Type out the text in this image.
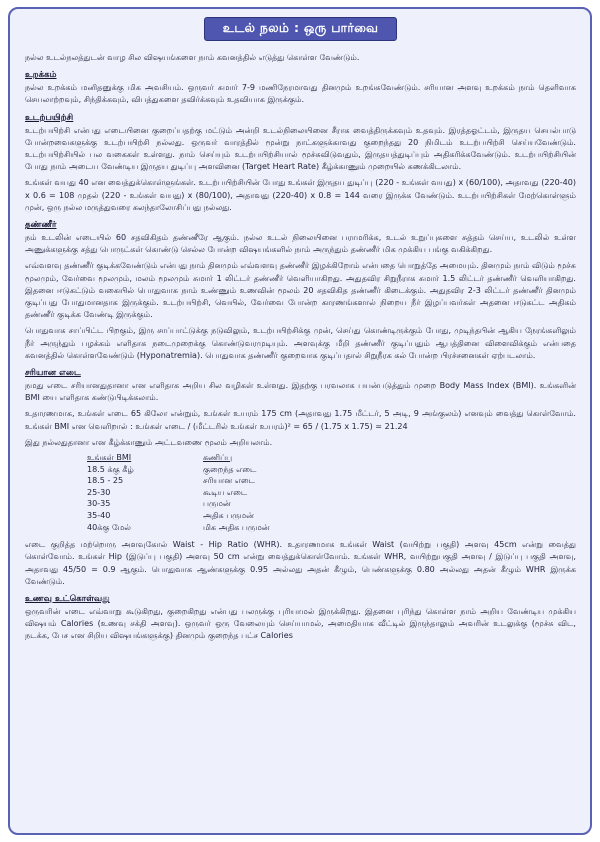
உடல் நலம் : ஒரு பார்வை

நல்ல உடல்நலத்துடன் வாழ சில விஷயங்களை நாம் கவனத்தில் எடுத்து கொள்ள வேண்டும்.

உறக்கம்

நல்ல உறக்கம் மனிதனுக்கு மிக அவசியம். ஒருவர் சுமார் 7-9 மணிநேரமாவது தினமும் உறங்கவேண்டும். சரியான அளவு உறக்கம் நாம் தெளிவாக செயலாற்றவும், சிந்திக்கவும், விபத்துகளை தவிர்க்கவும் உதவியாக இருக்கும்.

உடற்பயிற்சி

உடற்பயிற்சி என்பது எடையினை குறைப்பதற்கு மட்டும் அன்றி உடல்நிலையினை சீராக வைத்திருக்கவும் உதவும். இரத்தஓட்டம், இருதய செயல்பாடு போன்றவைகளுக்கு உடற்பயிற்சி நல்லது. ஒருவர் வாரத்தில் மூன்று நாட்களுக்காவது குறைந்தது 20 நிமிடம் உடற்பயிற்சி செய்யவேண்டும். உடற்பயிற்சியில் பல வகைகள் உள்ளது. நாம் செய்யும் உடற்பயிற்சியால் மூச்சுவிடுவதும், இருதயத்துடிப்பும் அதிகரிக்கவேண்டும். உடற்பயிற்சியின் போது நாம் அடைய வேண்டிய இருதய துடிப்பு அளவினை (Target Heart Rate) கீழ்க்காணும் முறையில் கணக்கிடலாம்.

உங்கள் வயது 40 என வைத்துக்கொள்ளுங்கள். உடற்பயிற்சியின் போது உங்கள் இருதய துடிப்பு (220 - உங்கள் வயது) x (60/100), அதாவது (220-40) x 0.6 = 108 முதல் (220 - உங்கள் வயது) x (80/100), அதாவது (220-40) x 0.8 = 144 வரை இருக்க வேண்டும். உடற்பயிற்சிகள் மேற்கொள்ளும் முன், ஒரு நல்ல மருத்துவரை கலந்தாலோசிப்பது நல்லது.

தண்ணீர்

நம் உடலின் எடையில் 60 சதவிகிதம் தண்ணீரே ஆகும். நல்ல உடல் நிலையினை பராமரிக்க, உடல் உறுப்புகளை சுத்தம் செய்ய, உடலில் உள்ள அணுக்களுக்கு சத்து பொருட்கள் கொண்டு செல்ல போன்ற விஷயங்களில் நாம் அருந்தும் தண்ணீர் மிக முக்கிய பங்கு வகிக்கிறது.

எவ்வளவு தண்ணீர் குடிக்கவேண்டும் என்பது நாம் தினமும் எவ்வளவு தண்ணீர் இழக்கிறோம் என்பதை பொறுத்தே அமையும். தினமும் நாம் விடும் மூச்சு மூலமும், வேர்வை மூலமும், மலம் மூலமும் சுமார் 1 லிட்டர் தண்ணீர் வெளியாகிறது. அதுதவிர சிறுநீராக சுமார் 1.5 லிட்டர் தண்ணீர் வெளியாகிறது. இதனை ஈடுகட்டும் வகையில் பொதுவாக நாம் உண்ணும் உணவின் மூலம் 20 சதவிகித தண்ணீர் கிடைக்கும். அதுதவிர 2-3 லிட்டர் தண்ணீர் தினமும் குடிப்பது போதுமானதாக இருக்கும். உடற்பயிற்சி, வெயில், வேர்வை போன்ற காரணங்களால் நிறைய நீர் இழப்பவர்கள் அதனை ஈடுகட்ட அதிகம் தண்ணீர் குடிக்க வேண்டி இருக்கும்.

பொதுவாக சாப்பிட்ட பிறகும், இரு சாப்பாட்டுக்கு நடுவிலும், உடற்பயிற்சிக்கு முன், செய்து கொண்டிருக்கும் போது, முடிந்தபின் ஆகிய நேரங்களிலும் நீர் அருந்தும் பழக்கம் எளிதாக நடைமுறைக்கு கொண்டுவரமுடியும். அளவுக்கு மீறி தண்ணீர் குடிப்பதும் ஆபத்தினை விளைவிக்கும் என்பதை கவனத்தில் கொள்ளவேண்டும் (Hyponatremia). பொதுவாக தண்ணீர் குறைவாக குடிப்பதால் சிறுநீரக கல் போன்ற பிரச்சனைகள் ஏற்படலாம்.

சரியான எடை

நமது எடை சரியானதுதானா என எளிதாக அறிய சில வழிகள் உள்ளது. இதற்கு பரவலாக பயன்படுத்தும் முறை Body Mass Index (BMI). உங்களின் BMI யை எளிதாக கண்டுபிடிக்கலாம்.

உதாரணமாக, உங்கள் எடை 65 கிலோ என்றும், உங்கள் உயரம் 175 cm (அதாவது 1.75 மீட்டர், 5 அடி, 9 அங்குலம்) எனவும் வைத்து கொள்வோம். உங்கள் BMI என வெளிறால் : உங்கள் எடை / (மீட்டரில் உங்கள் உயரம்)² = 65 / (1.75 x 1.75) = 21.24

இது நல்லதுதானா என கீழ்க்காணும் அட்டவணை மூலம் அறியலாம்.

உங்கள் BMI	கணிப்பு
18.5 க்கு கீழ்	குறைந்த எடை
18.5 - 25	சரியான எடை
25-30	கூடிய எடை
30-35	பருமன்
35-40	அதிக பருமன்
40க்கு மேல்	மிக அதிக பருமன்

எடை குறித்த மற்றொரு அளவுகோல் Waist - Hip Ratio (WHR). உதாரணமாக உங்கள் Waist (வயிற்று பகுதி) அளவு 45cm என்று வைத்து கொள்வோம். உங்கள் Hip (இடுப்பு பகுதி) அளவு 50 cm என்று வைத்துக்கொள்வோம். உங்கள் WHR, வயிற்றுபகுதி அளவு / இடுப்பு பகுதி அளவு, அதாவது 45/50 = 0.9 ஆகும். பொதுவாக ஆண்களுக்கு 0.95 அல்லது அதன் கீழும், பெண்களுக்கு 0.80 அல்லது அதன் கீழும் WHR இருக்க வேண்டும்.

உணவு உட்கொள்வது

ஒருவரின் எடை எவ்வாறு கூடுகிறது, குறைகிறது என்பது பலருக்கு புரியாமல் இருக்கிறது. இதனை புரிந்து கொள்ள நாம் அறிய வேண்டிய முக்கிய விஷயம் Calories (உணவு சக்தி அளவு). ஒருவர் ஒரு வேலையும் செய்யாமல், அமைதியாக வீட்டில் இருந்தாலும் அவரின் உடலுக்கு (மூச்சு விட, நடக்க, பேச என சிறிய விஷயங்களுக்கு) தினமும் குறைந்த பட்ச Calories
